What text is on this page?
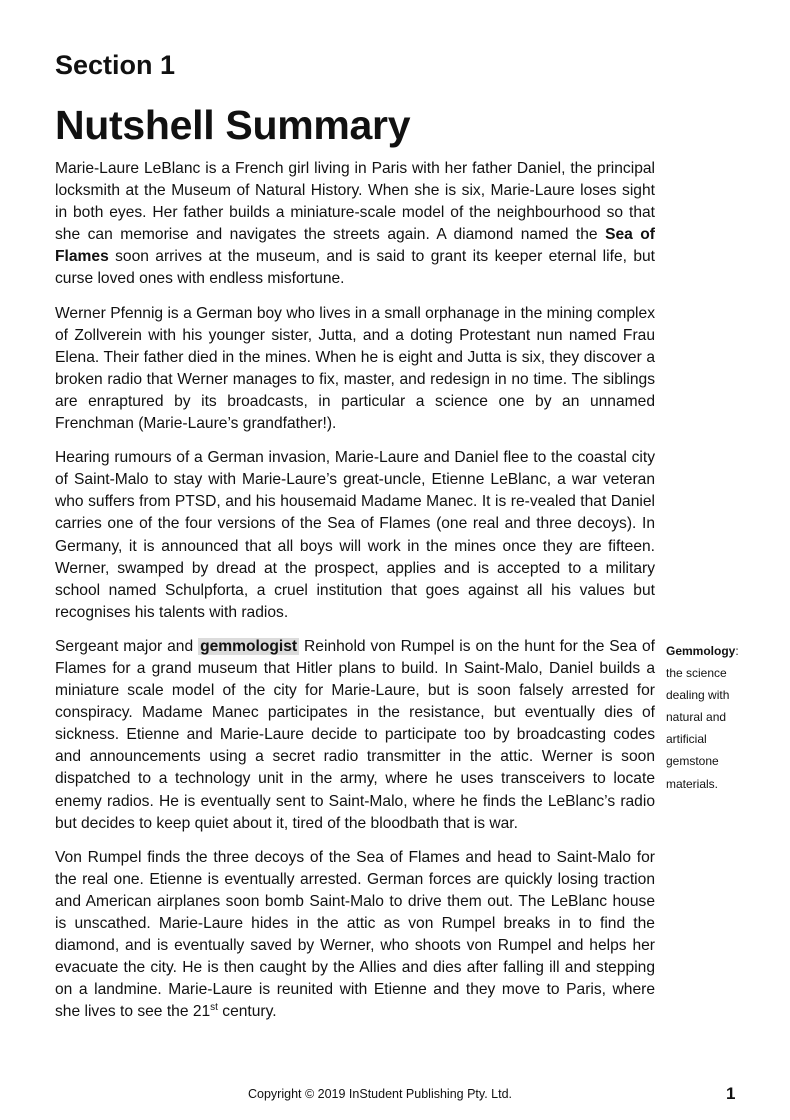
Section 1
Nutshell Summary

Marie-Laure LeBlanc is a French girl living in Paris with her father Daniel, the principal locksmith at the Museum of Natural History. When she is six, Marie-Laure loses sight in both eyes. Her father builds a miniature-scale model of the neighbourhood so that she can memorise and navigates the streets again. A diamond named the Sea of Flames soon arrives at the museum, and is said to grant its keeper eternal life, but curse loved ones with endless misfortune.

Werner Pfennig is a German boy who lives in a small orphanage in the mining complex of Zollverein with his younger sister, Jutta, and a doting Protestant nun named Frau Elena. Their father died in the mines. When he is eight and Jutta is six, they discover a broken radio that Werner manages to fix, master, and redesign in no time. The siblings are enraptured by its broadcasts, in particular a science one by an unnamed Frenchman (Marie-Laure’s grandfather!).

Hearing rumours of a German invasion, Marie-Laure and Daniel flee to the coastal city of Saint-Malo to stay with Marie-Laure’s great-uncle, Etienne LeBlanc, a war veteran who suffers from PTSD, and his housemaid Madame Manec. It is re-vealed that Daniel carries one of the four versions of the Sea of Flames (one real and three decoys). In Germany, it is announced that all boys will work in the mines once they are fifteen. Werner, swamped by dread at the prospect, applies and is accepted to a military school named Schulpforta, a cruel institution that goes against all his values but recognises his talents with radios.

Sergeant major and gemmologist Reinhold von Rumpel is on the hunt for the Sea of Flames for a grand museum that Hitler plans to build. In Saint-Malo, Daniel builds a miniature scale model of the city for Marie-Laure, but is soon falsely arrested for conspiracy. Madame Manec participates in the resistance, but eventually dies of sickness. Etienne and Marie-Laure decide to participate too by broadcasting codes and announcements using a secret radio transmitter in the attic. Werner is soon dispatched to a technology unit in the army, where he uses transceivers to locate enemy radios. He is eventually sent to Saint-Malo, where he finds the LeBlanc’s radio but decides to keep quiet about it, tired of the bloodbath that is war.

Von Rumpel finds the three decoys of the Sea of Flames and head to Saint-Malo for the real one. Etienne is eventually arrested. German forces are quickly losing traction and American airplanes soon bomb Saint-Malo to drive them out. The LeBlanc house is unscathed. Marie-Laure hides in the attic as von Rumpel breaks in to find the diamond, and is eventually saved by Werner, who shoots von Rumpel and helps her evacuate the city. He is then caught by the Allies and dies after falling ill and stepping on a landmine. Marie-Laure is reunited with Etienne and they move to Paris, where she lives to see the 21st century.

Gemmology:
the science
dealing with
natural and
artificial
gemstone
materials.
Copyright © 2019 InStudent Publishing Pty. Ltd.	1
